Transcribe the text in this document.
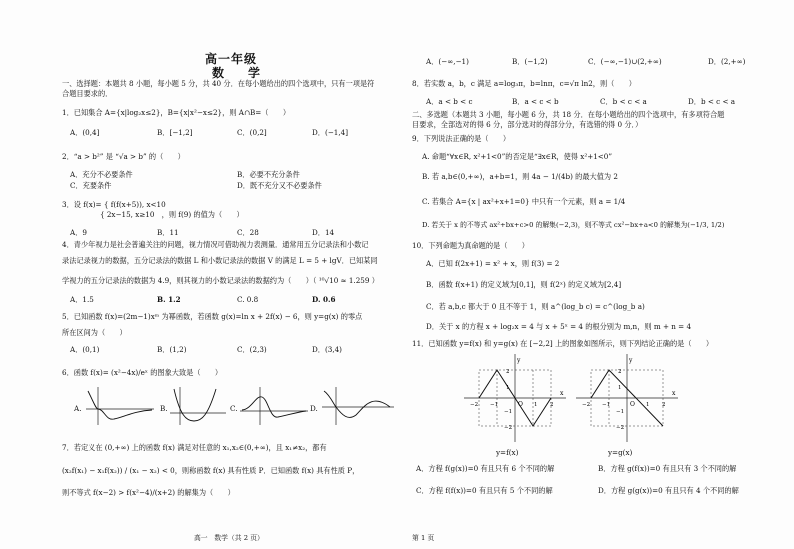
高一年级
数　学
一、选择题：本题共 8 小题，每小题 5 分，共 40 分．在每小题给出的四个选项中，只有一项是符
合题目要求的．
1．已知集合 A={x|log₂x≤2}，B={x|x²−x≤2}，则 A∩B=（　　）
A．(0,4]	B．[−1,2]	C．(0,2]	D．(−1,4]
2．“a > b²” 是 “√a > b” 的（　　）
A．充分不必要条件	B．必要不充分条件
C．充要条件	D．既不充分又不必要条件
3．设 f(x)= { f(f(x+5)), x<10
{ 2x−15, x≥10　，则 f(9) 的值为（　　）
A．9	B．11	C．28	D．14
4．青少年视力是社会普遍关注的问题，视力情况可借助视力表测量．通常用五分记录法和小数记
录法记录视力的数据，五分记录法的数据 L 和小数记录法的数据 V 的满足 L = 5 + lgV．已知某同
学视力的五分记录法的数据为 4.9，则其视力的小数记录法的数据约为（　　）（ ¹⁰√10 ≈ 1.259 ）
A．1.5	B. 1.2	C. 0.8	D. 0.6
5．已知函数 f(x)=(2m−1)xᵐ 为幂函数，若函数 g(x)=ln x + 2f(x) − 6，则 y=g(x) 的零点
所在区间为（　　）
A．(0,1)	B．(1,2)	C．(2,3)	D．(3,4)
6．函数 f(x)= (x²−4x)/eˣ 的图象大致是（　　）
A.	B.	C.	D.
7．若定义在 (0,+∞) 上的函数 f(x) 满足对任意的 x₁,x₂∈(0,+∞)，且 x₁≠x₂，都有
(x₂f(x₁) − x₁f(x₂)) / (x₁ − x₂) < 0，则称函数 f(x) 具有性质 P．已知函数 f(x) 具有性质 P，
则不等式 f(x−2) > f(x²−4)/(x+2) 的解集为（　　）
高一　数学（共 2 页）
A．(−∞,−1)	B．(−1,2)	C．(−∞,−1)∪(2,+∞)	D．(2,+∞)
8．若实数 a，b，c 满足 a=log₃π，b=lnπ，c=√π ln2，则（　　）
A．a < b < c	B．a < c < b	C．b < c < a	D．b < c < a
二、多选题（本题共 3 小题，每小题 6 分，共 18 分．在每小题给出的四个选项中，有多项符合题
目要求，全部选对的得 6 分，部分选对的得部分分，有选错的得 0 分．）
9．下列说法正确的是（　　）
A. 命题“∀x∈R, x²+1<0”的否定是“∃x∈R，使得 x²+1<0”
B. 若 a,b∈(0,+∞)，a+b=1，则 4a − 1/(4b) 的最大值为 2
C. 若集合 A={x | ax²+x+1=0} 中只有一个元素，则 a = 1/4
D. 若关于 x 的不等式 ax²+bx+c>0 的解集(−2,3)，则不等式 cx²−bx+a<0 的解集为(−1/3, 1/2)
10．下列命题为真命题的是（　　）
A．已知 f(2x+1) = x² + x，则 f(3) = 2
B．函数 f(x+1) 的定义域为[0,1]，则 f(2ˣ) 的定义域为[2,4]
C．若 a,b,c 都大于 0 且不等于 1，则 a^(log_b c) = c^(log_b a)
D．关于 x 的方程 x + log₂x = 4 与 x + 5ˣ = 4 的根分别为 m,n，则 m + n = 4
11．已知函数 y=f(x) 和 y=g(x) 在 [−2,2] 上的图象如图所示，则下列结论正确的是（　　）
y
x
O
−2 −1	1 2
2
1
−1
−2
y=f(x)
y
x
O
−2 −1	1 2
2
1
−1
−2
y=g(x)
A．方程 f(g(x))=0 有且只有 6 个不同的解	B．方程 g(f(x))=0 有且只有 3 个不同的解
C．方程 f(f(x))=0 有且只有 5 个不同的解	D．方程 g(g(x))=0 有且只有 4 个不同的解
第 1 页
